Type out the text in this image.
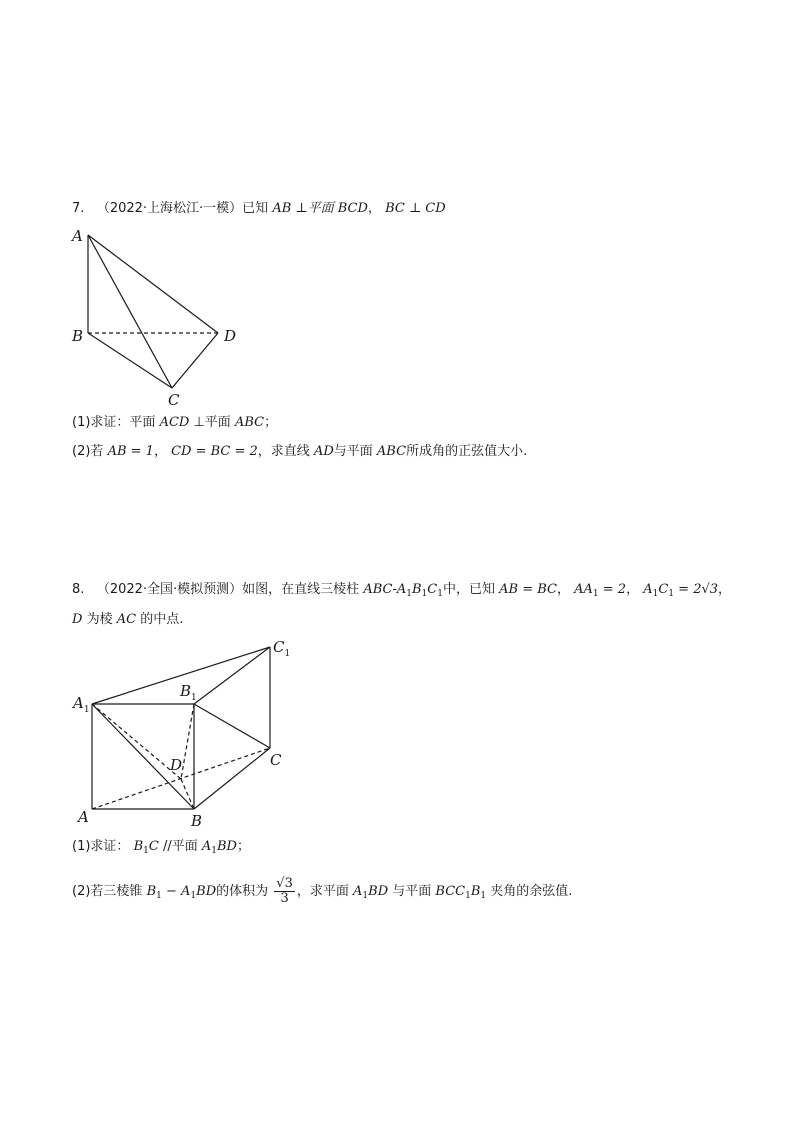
7. （2022·上海松江·一模）已知 AB ⊥平面 BCD， BC ⊥ CD
A
B
C
D
(1)求证：平面 ACD ⊥平面 ABC；
(2)若 AB = 1， CD = BC = 2，求直线 AD与平面 ABC所成角的正弦值大小.
8. （2022·全国·模拟预测）如图，在直线三棱柱 ABC-$A_1B_1C_1$中，已知 AB = BC， $AA_1 = 2$， $A_1C_1 = 2√3$，
D 为棱 AC 的中点.
$A_1$
$B_1$
$C_1$
A	B
C
D
(1)求证： $B_1C$ //平面 $A_1BD$；
(2)若三棱锥 $B_1 - A_1BD$的体积为 $\frac{√3}{3}$ ，求平面 $A_1BD$ 与平面 $BCC_1B_1$ 夹角的余弦值.
